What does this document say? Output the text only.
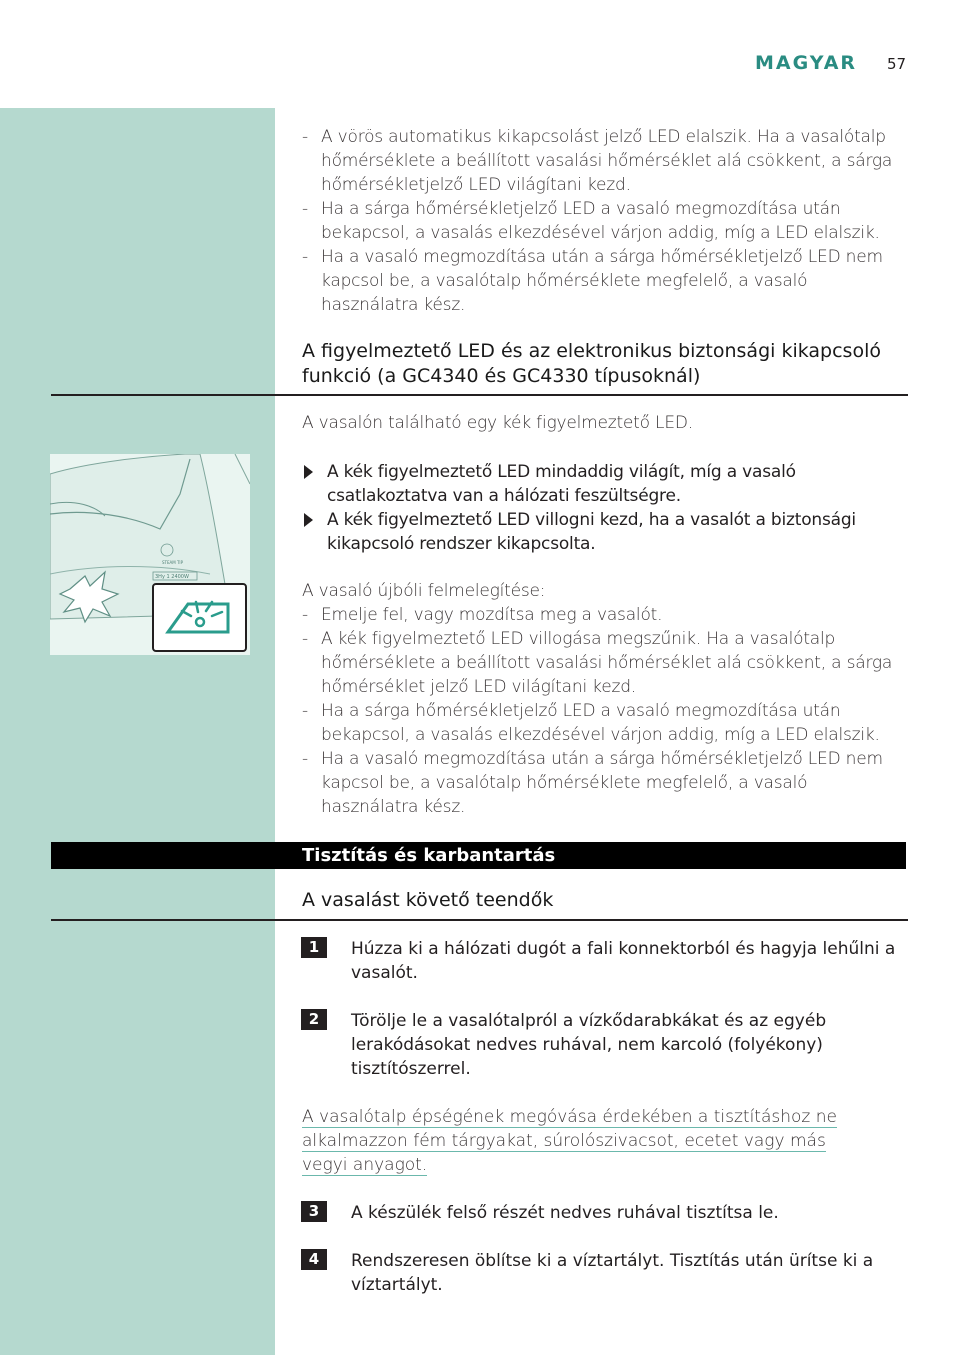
MAGYAR 57
- A vörös automatikus kikapcsolást jelző LED elalszik. Ha a vasalótalp hőmérséklete a beállított vasalási hőmérséklet alá csökkent, a sárga hőmérsékletjelző LED világítani kezd.
- Ha a sárga hőmérsékletjelző LED a vasaló megmozdítása után bekapcsol, a vasalás elkezdésével várjon addig, míg a LED elalszik.
- Ha a vasaló megmozdítása után a sárga hőmérsékletjelző LED nem kapcsol be, a vasalótalp hőmérséklete megfelelő, a vasaló használatra kész.
A figyelmeztető LED és az elektronikus biztonsági kikapcsoló funkció (a GC4340 és GC4330 típusoknál)
A vasalón található egy kék figyelmeztető LED.
A kék figyelmeztető LED mindaddig világít, míg a vasaló csatlakoztatva van a hálózati feszültségre.
A kék figyelmeztető LED villogni kezd, ha a vasalót a biztonsági kikapcsoló rendszer kikapcsolta.
A vasaló újbóli felmelegítése:
- Emelje fel, vagy mozdítsa meg a vasalót.
- A kék figyelmeztető LED villogása megszűnik. Ha a vasalótalp hőmérséklete a beállított vasalási hőmérséklet alá csökkent, a sárga hőmérséklet jelző LED világítani kezd.
- Ha a sárga hőmérsékletjelző LED a vasaló megmozdítása után bekapcsol, a vasalás elkezdésével várjon addig, míg a LED elalszik.
- Ha a vasaló megmozdítása után a sárga hőmérsékletjelző LED nem kapcsol be, a vasalótalp hőmérséklete megfelelő, a vasaló használatra kész.
3Hy 1 2400W
STEAM TIP
Tisztítás és karbantartás
A vasalást követő teendők
1	Húzza ki a hálózati dugót a fali konnektorból és hagyja lehűlni a vasalót.
2	Törölje le a vasalótalpról a vízkődarabkákat és az egyéb lerakódásokat nedves ruhával, nem karcoló (folyékony) tisztítószerrel.
A vasalótalp épségének megóvása érdekében a tisztításhoz ne alkalmazzon fém tárgyakat, súrolószivacsot, ecetet vagy más vegyi anyagot.
3	A készülék felső részét nedves ruhával tisztítsa le.
4	Rendszeresen öblítse ki a víztartályt. Tisztítás után ürítse ki a víztartályt.
